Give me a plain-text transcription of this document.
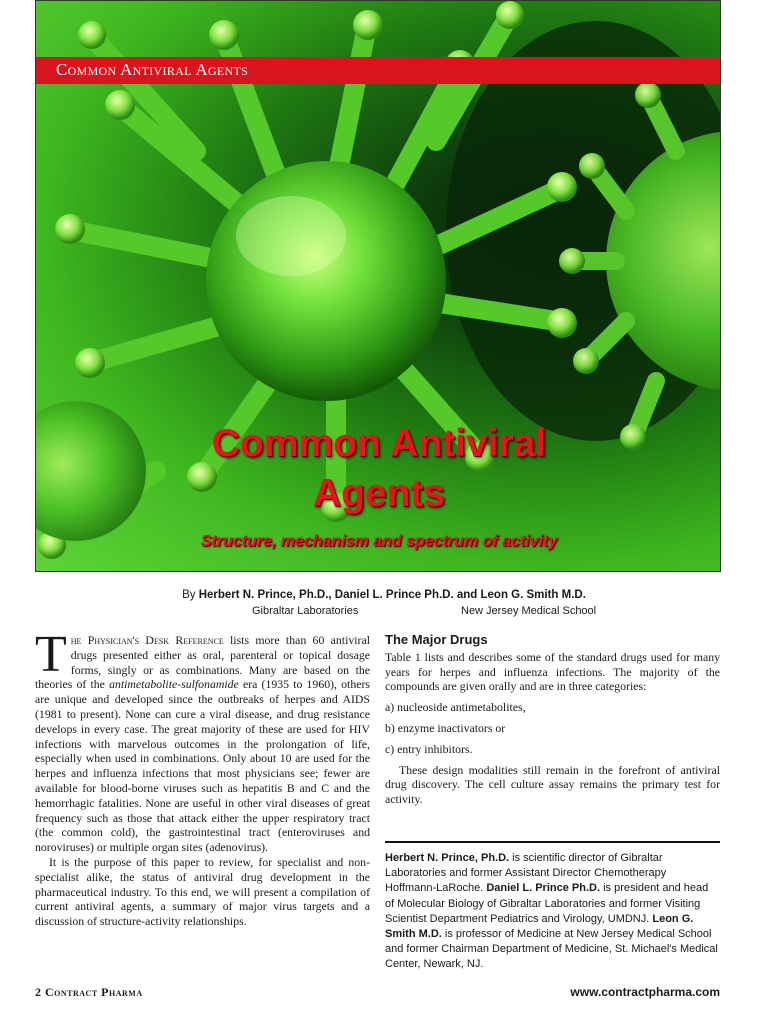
Common Antiviral Agents
Common Antiviral
Agents
Structure, mechanism and spectrum of activity
By Herbert N. Prince, Ph.D., Daniel L. Prince Ph.D. and Leon G. Smith M.D.
Gibraltar Laboratories	New Jersey Medical School

The Physician's Desk Reference lists more than 60 antiviral drugs presented either as oral, parenteral or topical dosage forms, singly or as combinations. Many are based on the theories of the antimetabolite-sulfonamide era (1935 to 1960), others are unique and developed since the outbreaks of herpes and AIDS (1981 to present). None can cure a viral disease, and drug resistance develops in every case. The great majority of these are used for HIV infections with marvelous outcomes in the prolongation of life, especially when used in combinations. Only about 10 are used for the herpes and influenza infections that most physicians see; fewer are available for blood-borne viruses such as hepatitis B and C and the hemorrhagic fatalities. None are useful in other viral diseases of great frequency such as those that attack either the upper respiratory tract (the common cold), the gastrointestinal tract (enteroviruses and noroviruses) or multiple organ sites (adenovirus).

It is the purpose of this paper to review, for specialist and non-specialist alike, the status of antiviral drug development in the pharmaceutical industry. To this end, we will present a compilation of current antiviral agents, a summary of major virus targets and a discussion of structure-activity relationships.

The Major Drugs

Table 1 lists and describes some of the standard drugs used for many years for herpes and influenza infections. The majority of the compounds are given orally and are in three categories:

a) nucleoside antimetabolites,

b) enzyme inactivators or

c) entry inhibitors.

These design modalities still remain in the forefront of antiviral drug discovery. The cell culture assay remains the primary test for activity.

Herbert N. Prince, Ph.D. is scientific director of Gibraltar Laboratories and former Assistant Director Chemotherapy Hoffmann-LaRoche. Daniel L. Prince Ph.D. is president and head of Molecular Biology of Gibraltar Laboratories and former Visiting Scientist Department Pediatrics and Virology, UMDNJ. Leon G. Smith M.D. is professor of Medicine at New Jersey Medical School and former Chairman Department of Medicine, St. Michael's Medical Center, Newark, NJ.
2 Contract Pharma	www.contractpharma.com
